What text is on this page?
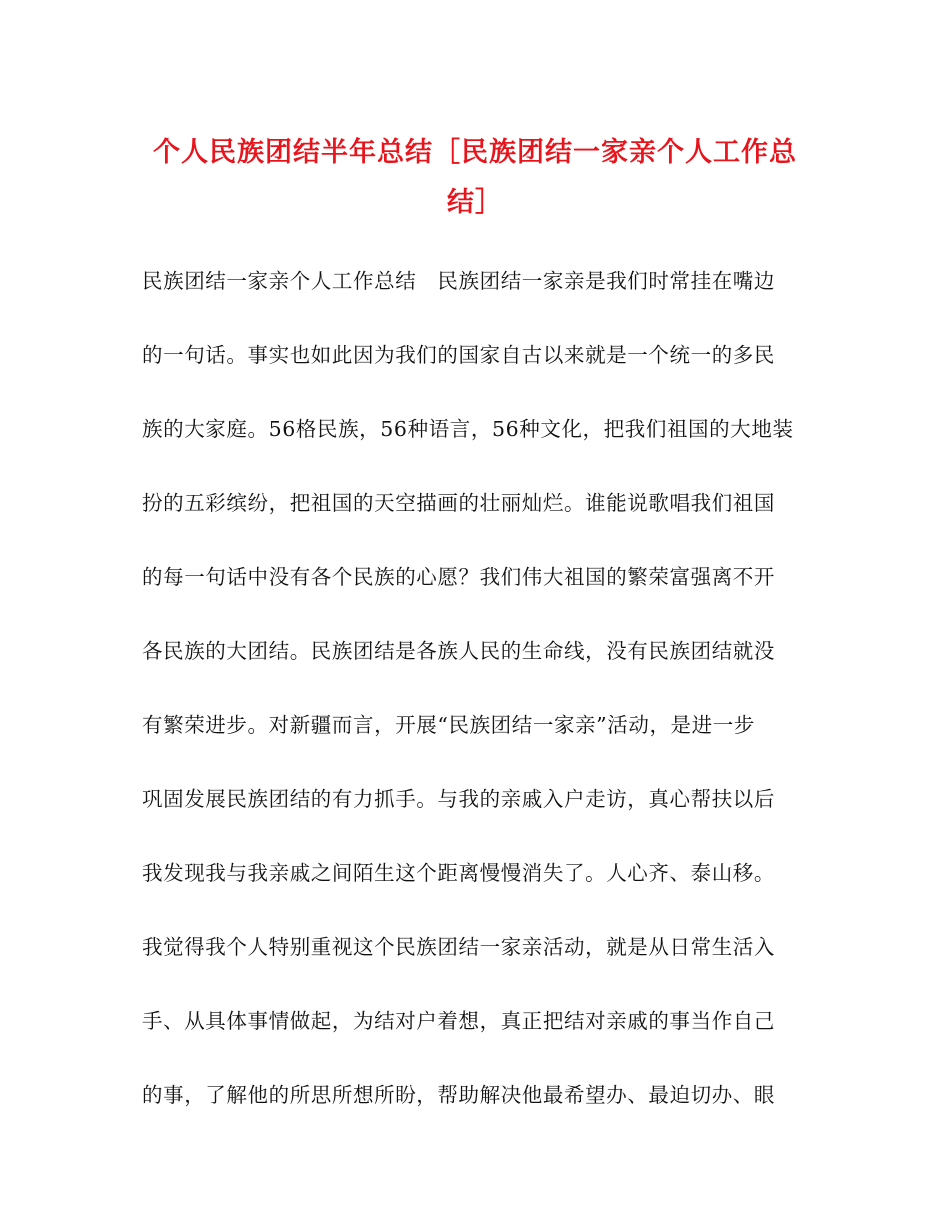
个人民族团结半年总结［民族团结一家亲个人工作总
结］
民族团结一家亲个人工作总结　民族团结一家亲是我们时常挂在嘴边
的一句话。事实也如此因为我们的国家自古以来就是一个统一的多民
族的大家庭。56格民族，56种语言，56种文化，把我们祖国的大地装
扮的五彩缤纷，把祖国的天空描画的壮丽灿烂。谁能说歌唱我们祖国
的每一句话中没有各个民族的心愿？我们伟大祖国的繁荣富强离不开
各民族的大团结。民族团结是各族人民的生命线，没有民族团结就没
有繁荣进步。对新疆而言，开展“民族团结一家亲”活动，是进一步
巩固发展民族团结的有力抓手。与我的亲戚入户走访，真心帮扶以后
我发现我与我亲戚之间陌生这个距离慢慢消失了。人心齐、泰山移。
我觉得我个人特别重视这个民族团结一家亲活动，就是从日常生活入
手、从具体事情做起，为结对户着想，真正把结对亲戚的事当作自己
的事，了解他的所思所想所盼，帮助解决他最希望办、最迫切办、眼
